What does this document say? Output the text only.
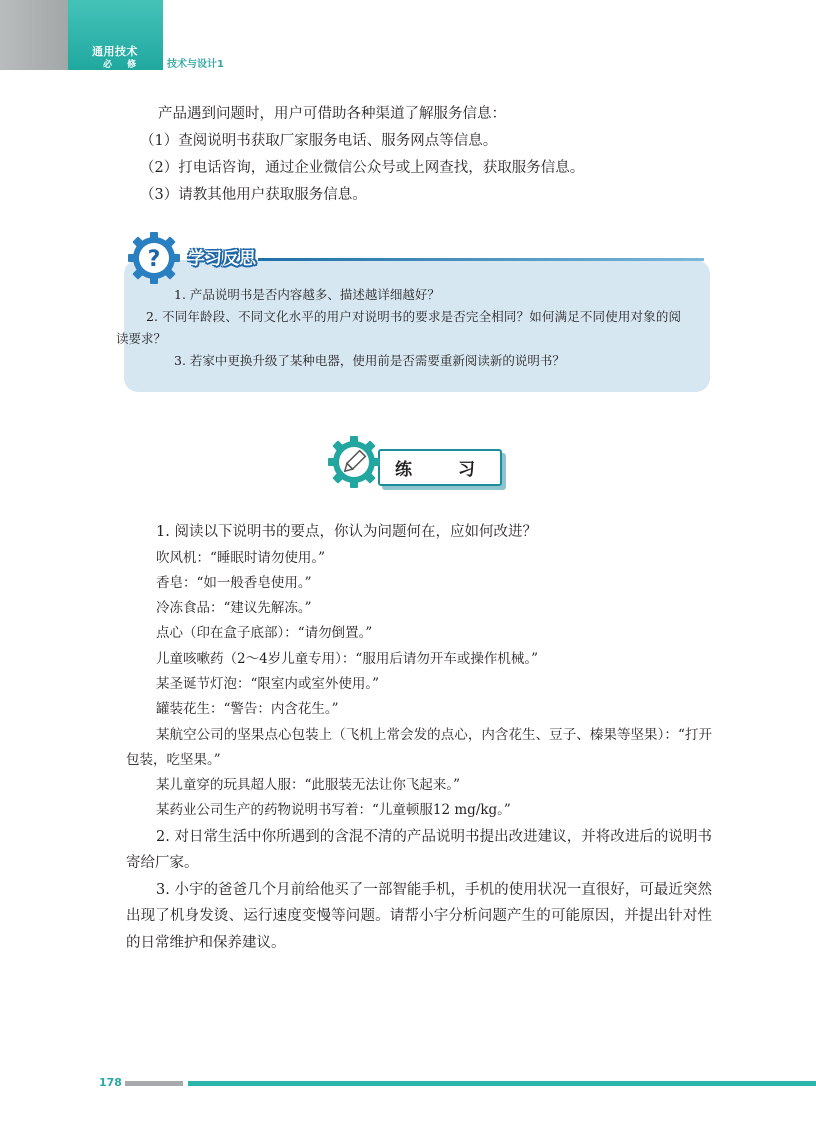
通用技术
必 修 技术与设计1

产品遇到问题时，用户可借助各种渠道了解服务信息：

（1）查阅说明书获取厂家服务电话、服务网点等信息。

（2）打电话咨询，通过企业微信公众号或上网查找，获取服务信息。

（3）请教其他用户获取服务信息。

? 学习反思

1. 产品说明书是否内容越多、描述越详细越好？

2. 不同年龄段、不同文化水平的用户对说明书的要求是否完全相同？如何满足不同使用对象的阅读要求？

3. 若家中更换升级了某种电器，使用前是否需要重新阅读新的说明书？

练习

1. 阅读以下说明书的要点，你认为问题何在，应如何改进？

吹风机：“睡眠时请勿使用。”

香皂：“如一般香皂使用。”

冷冻食品：“建议先解冻。”

点心（印在盒子底部）：“请勿倒置。”

儿童咳嗽药（2～4岁儿童专用）：“服用后请勿开车或操作机械。”

某圣诞节灯泡：“限室内或室外使用。”

罐装花生：“警告：内含花生。”

某航空公司的坚果点心包装上（飞机上常会发的点心，内含花生、豆子、榛果等坚果）：“打开包装，吃坚果。”

某儿童穿的玩具超人服：“此服装无法让你飞起来。”

某药业公司生产的药物说明书写着：“儿童顿服12 mg/kg。”

2. 对日常生活中你所遇到的含混不清的产品说明书提出改进建议，并将改进后的说明书寄给厂家。

3. 小宇的爸爸几个月前给他买了一部智能手机，手机的使用状况一直很好，可最近突然出现了机身发烫、运行速度变慢等问题。请帮小宇分析问题产生的可能原因，并提出针对性的日常维护和保养建议。

178
